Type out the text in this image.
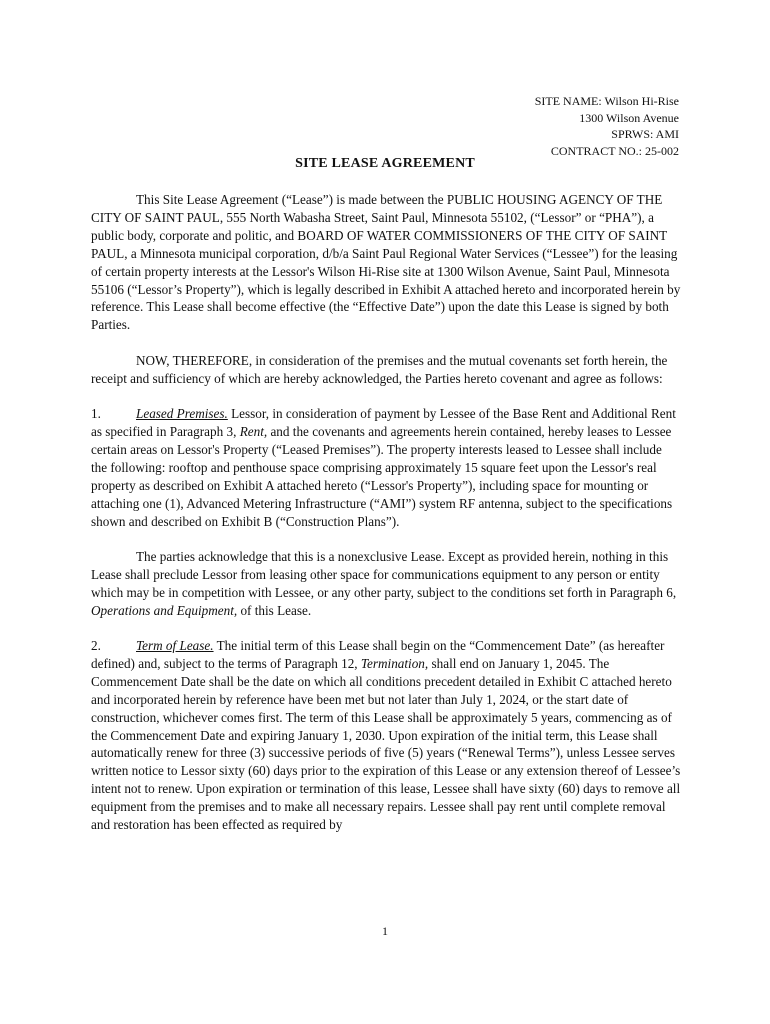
SITE NAME: Wilson Hi-Rise
1300 Wilson Avenue
SPRWS: AMI
CONTRACT NO.: 25-002
SITE LEASE AGREEMENT

This Site Lease Agreement (“Lease”) is made between the PUBLIC HOUSING AGENCY OF THE CITY OF SAINT PAUL, 555 North Wabasha Street, Saint Paul, Minnesota 55102, (“Lessor” or “PHA”), a public body, corporate and politic, and BOARD OF WATER COMMISSIONERS OF THE CITY OF SAINT PAUL, a Minnesota municipal corporation, d/b/a Saint Paul Regional Water Services (“Lessee”) for the leasing of certain property interests at the Lessor's Wilson Hi-Rise site at 1300 Wilson Avenue, Saint Paul, Minnesota 55106 (“Lessor’s Property”), which is legally described in Exhibit A attached hereto and incorporated herein by reference. This Lease shall become effective (the “Effective Date”) upon the date this Lease is signed by both Parties.

NOW, THEREFORE, in consideration of the premises and the mutual covenants set forth herein, the receipt and sufficiency of which are hereby acknowledged, the Parties hereto covenant and agree as follows:

1.	Leased Premises. Lessor, in consideration of payment by Lessee of the Base Rent and Additional Rent as specified in Paragraph 3, Rent, and the covenants and agreements herein contained, hereby leases to Lessee certain areas on Lessor's Property (“Leased Premises”). The property interests leased to Lessee shall include the following: rooftop and penthouse space comprising approximately 15 square feet upon the Lessor's real property as described on Exhibit A attached hereto (“Lessor's Property”), including space for mounting or attaching one (1), Advanced Metering Infrastructure (“AMI”) system RF antenna, subject to the specifications shown and described on Exhibit B (“Construction Plans”).

The parties acknowledge that this is a nonexclusive Lease. Except as provided herein, nothing in this Lease shall preclude Lessor from leasing other space for communications equipment to any person or entity which may be in competition with Lessee, or any other party, subject to the conditions set forth in Paragraph 6, Operations and Equipment, of this Lease.

2.	Term of Lease. The initial term of this Lease shall begin on the “Commencement Date” (as hereafter defined) and, subject to the terms of Paragraph 12, Termination, shall end on January 1, 2045. The Commencement Date shall be the date on which all conditions precedent detailed in Exhibit C attached hereto and incorporated herein by reference have been met but not later than July 1, 2024, or the start date of construction, whichever comes first. The term of this Lease shall be approximately 5 years, commencing as of the Commencement Date and expiring January 1, 2030. Upon expiration of the initial term, this Lease shall automatically renew for three (3) successive periods of five (5) years (“Renewal Terms”), unless Lessee serves written notice to Lessor sixty (60) days prior to the expiration of this Lease or any extension thereof of Lessee’s intent not to renew. Upon expiration or termination of this lease, Lessee shall have sixty (60) days to remove all equipment from the premises and to make all necessary repairs. Lessee shall pay rent until complete removal and restoration has been effected as required by

1
